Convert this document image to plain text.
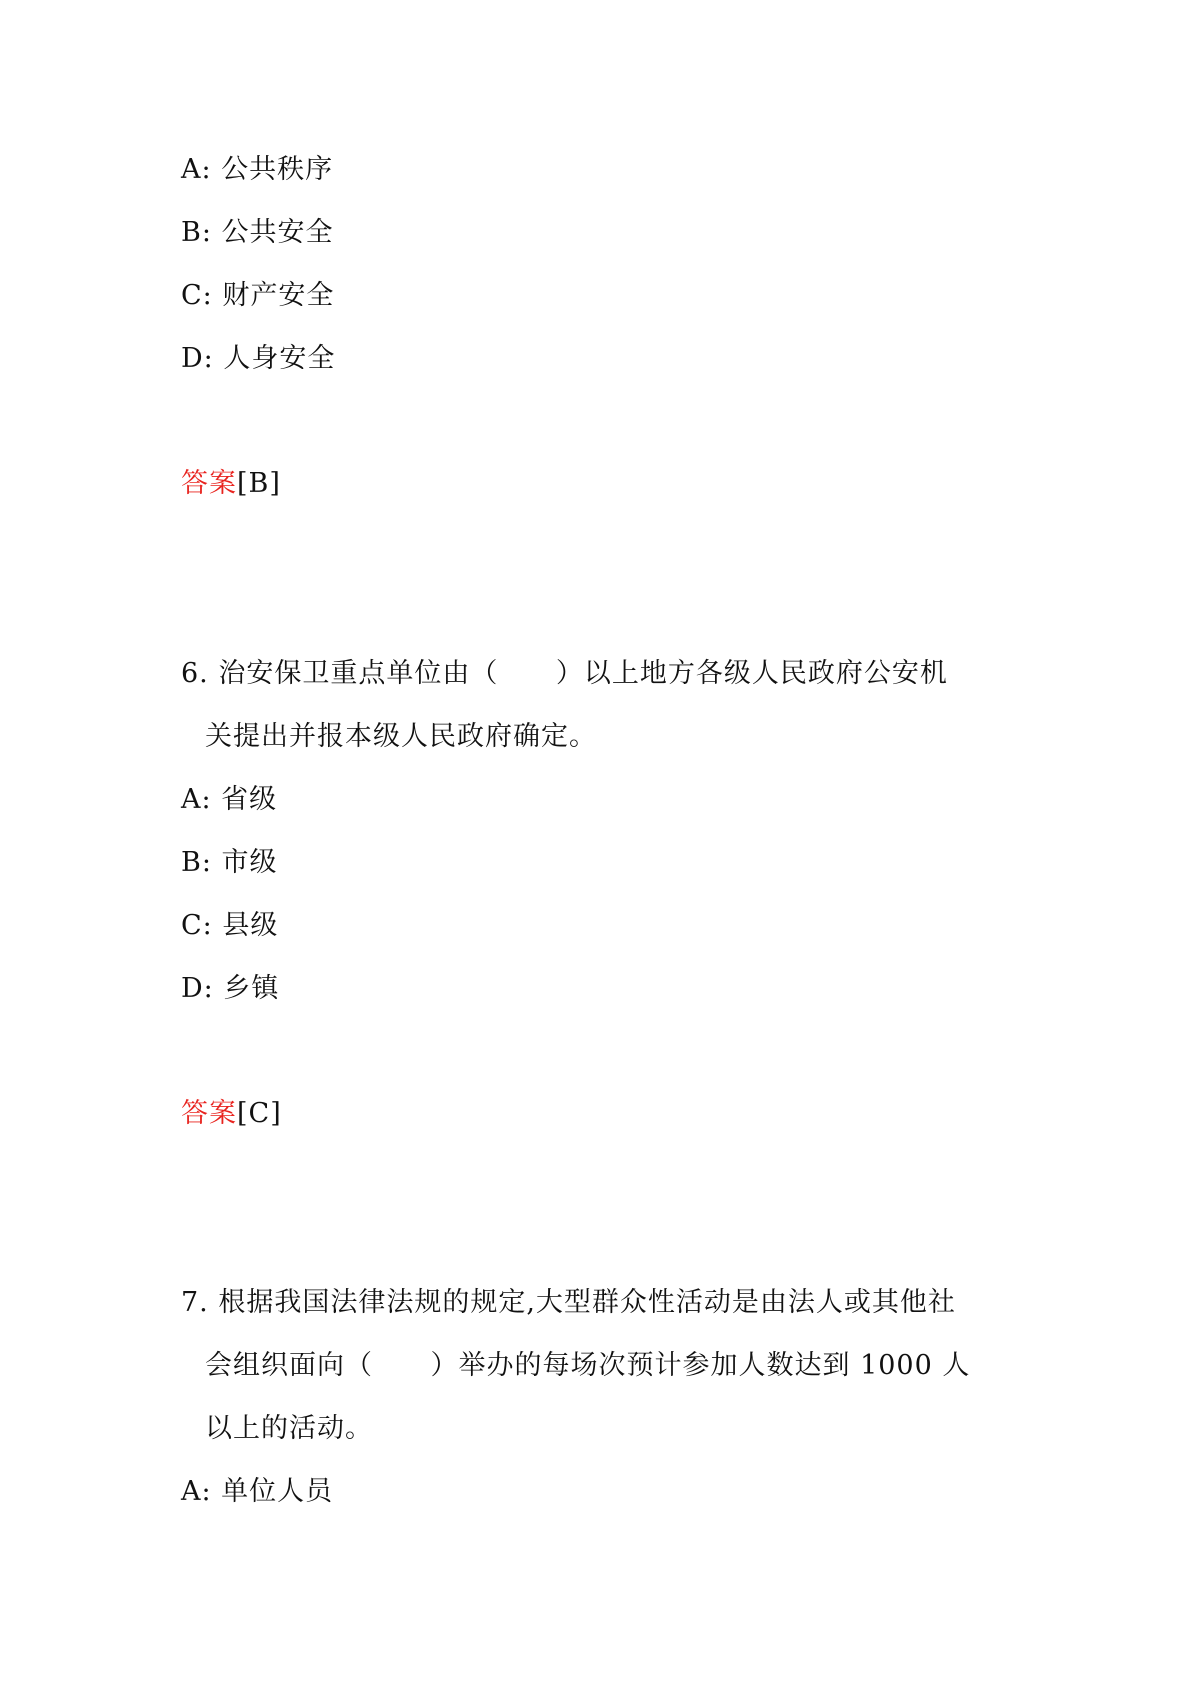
A: 公共秩序
B: 公共安全
C: 财产安全
D: 人身安全
答案[B]
6. 治安保卫重点单位由（      ）以上地方各级人民政府公安机
关提出并报本级人民政府确定。
A: 省级
B: 市级
C: 县级
D: 乡镇
答案[C]
7. 根据我国法律法规的规定,大型群众性活动是由法人或其他社
会组织面向（      ）举办的每场次预计参加人数达到 1000 人
以上的活动。
A: 单位人员
